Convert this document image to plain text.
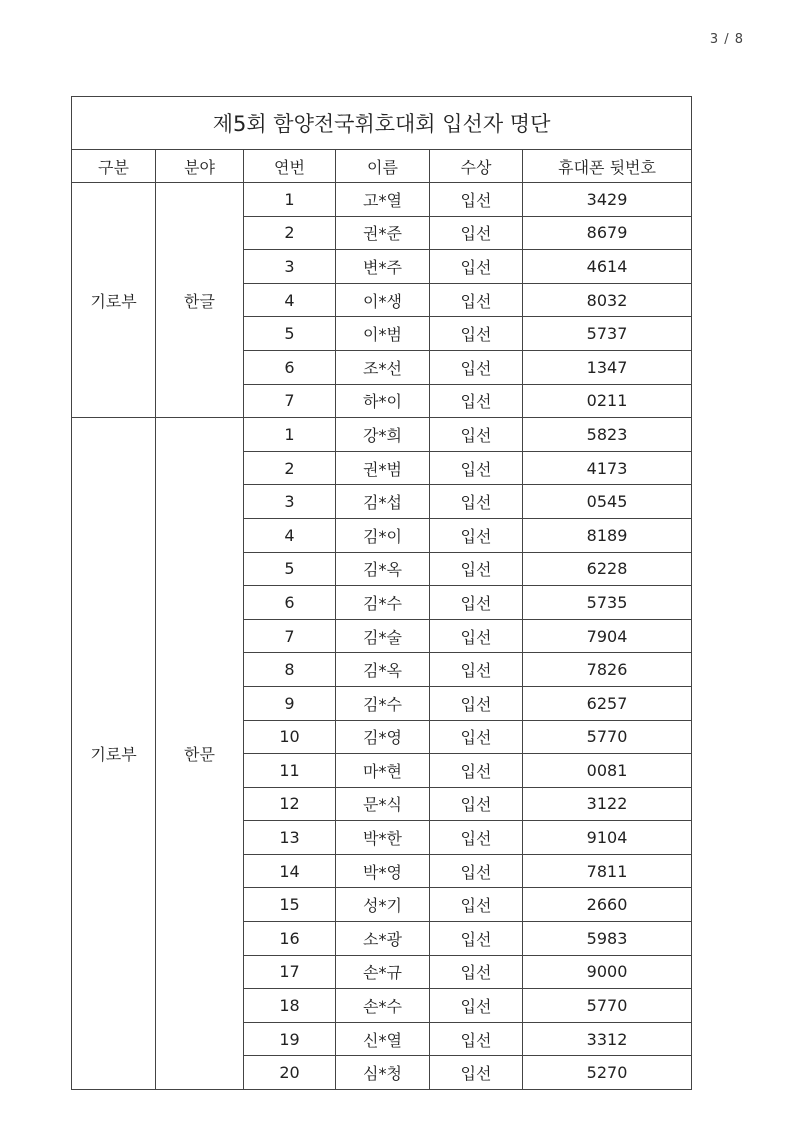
3 / 8
제5회 함양전국휘호대회 입선자 명단					
구분	분야	연번	이름	수상	휴대폰 뒷번호
기로부	한글	1	고*열	입선	3429
		2	권*준	입선	8679
		3	변*주	입선	4614
		4	이*생	입선	8032
		5	이*범	입선	5737
		6	조*선	입선	1347
		7	하*이	입선	0211
기로부	한문	1	강*희	입선	5823
		2	권*범	입선	4173
		3	김*섭	입선	0545
		4	김*이	입선	8189
		5	김*옥	입선	6228
		6	김*수	입선	5735
		7	김*술	입선	7904
		8	김*옥	입선	7826
		9	김*수	입선	6257
		10	김*영	입선	5770
		11	마*현	입선	0081
		12	문*식	입선	3122
		13	박*한	입선	9104
		14	박*영	입선	7811
		15	성*기	입선	2660
		16	소*광	입선	5983
		17	손*규	입선	9000
		18	손*수	입선	5770
		19	신*열	입선	3312
		20	심*청	입선	5270
